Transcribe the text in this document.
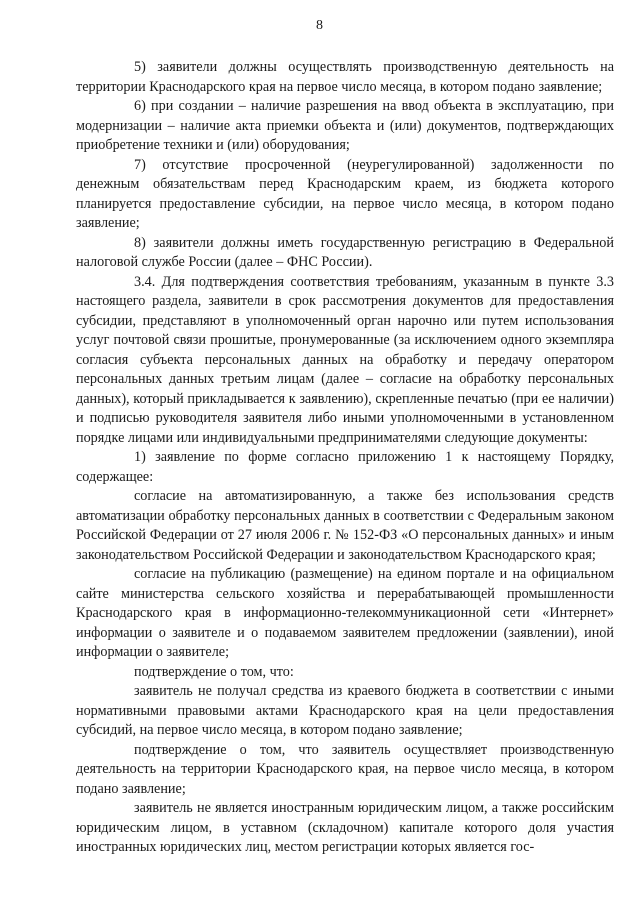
8

5) заявители должны осуществлять производственную деятельность на территории Краснодарского края на первое число месяца, в котором подано заявление;

6) при создании – наличие разрешения на ввод объекта в эксплуатацию, при модернизации – наличие акта приемки объекта и (или) документов, подтверждающих приобретение техники и (или) оборудования;

7) отсутствие просроченной (неурегулированной) задолженности по денежным обязательствам перед Краснодарским краем, из бюджета которого планируется предоставление субсидии, на первое число месяца, в котором подано заявление;

8) заявители должны иметь государственную регистрацию в Федеральной налоговой службе России (далее – ФНС России).

3.4. Для подтверждения соответствия требованиям, указанным в пункте 3.3 настоящего раздела, заявители в срок рассмотрения документов для предоставления субсидии, представляют в уполномоченный орган нарочно или путем использования услуг почтовой связи прошитые, пронумерованные (за исключением одного экземпляра согласия субъекта персональных данных на обработку и передачу оператором персональных данных третьим лицам (далее – согласие на обработку персональных данных), который прикладывается к заявлению), скрепленные печатью (при ее наличии) и подписью руководителя заявителя либо иными уполномоченными в установленном порядке лицами или индивидуальными предпринимателями следующие документы:

1) заявление по форме согласно приложению 1 к настоящему Порядку, содержащее:

согласие на автоматизированную, а также без использования средств автоматизации обработку персональных данных в соответствии с Федеральным законом Российской Федерации от 27 июля 2006 г. № 152-ФЗ «О персональных данных» и иным законодательством Российской Федерации и законодательством Краснодарского края;

согласие на публикацию (размещение) на едином портале и на официальном сайте министерства сельского хозяйства и перерабатывающей промышленности Краснодарского края в информационно-телекоммуникационной сети «Интернет» информации о заявителе и о подаваемом заявителем предложении (заявлении), иной информации о заявителе;

подтверждение о том, что:

заявитель не получал средства из краевого бюджета в соответствии с иными нормативными правовыми актами Краснодарского края на цели предоставления субсидий, на первое число месяца, в котором подано заявление;

подтверждение о том, что заявитель осуществляет производственную деятельность на территории Краснодарского края, на первое число месяца, в котором подано заявление;

заявитель не является иностранным юридическим лицом, а также российским юридическим лицом, в уставном (складочном) капитале которого доля участия иностранных юридических лиц, местом регистрации которых является гос-
